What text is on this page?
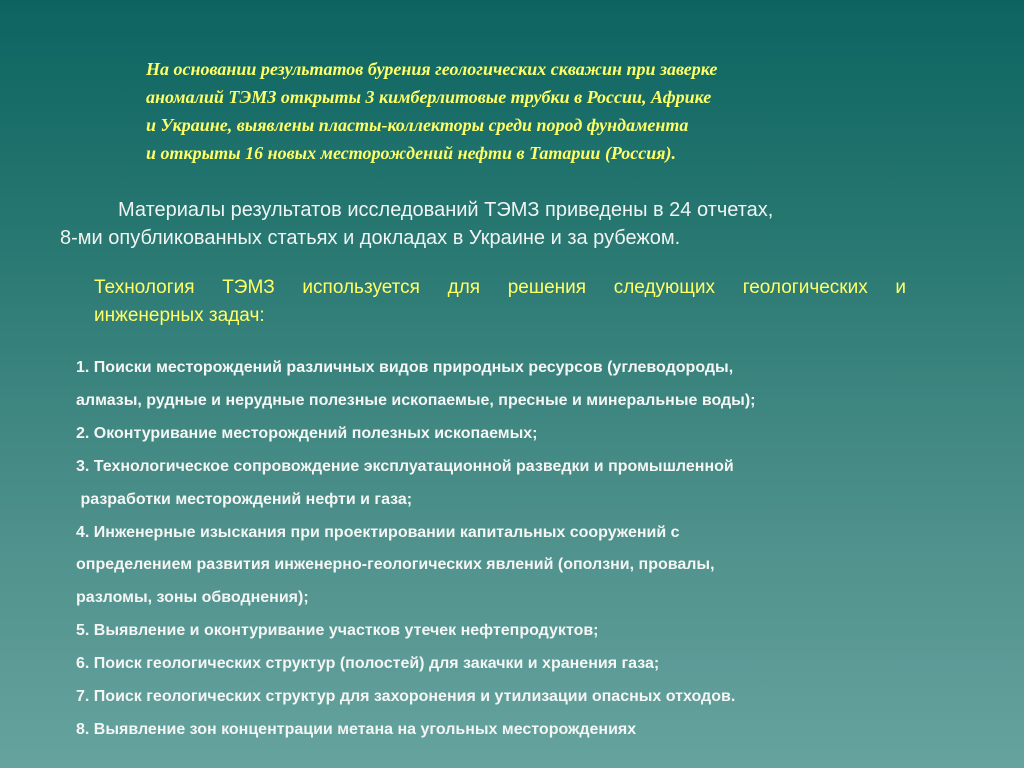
На основании результатов бурения геологических скважин при заверке
аномалий ТЭМЗ открыты 3 кимберлитовые трубки в России, Африке
и Украине, выявлены пласты-коллекторы среди пород фундамента
и открыты 16 новых месторождений нефти в Татарии (Россия).
Материалы результатов исследований ТЭМЗ приведены в 24 отчетах,
8-ми опубликованных статьях и докладах в Украине и за рубежом.
Технология ТЭМЗ используется для решения следующих геологических и
инженерных задач:
1. Поиски месторождений различных видов природных ресурсов (углеводороды,
алмазы, рудные и нерудные полезные ископаемые, пресные и минеральные воды);
2. Оконтуривание месторождений полезных ископаемых;
3. Технологическое сопровождение эксплуатационной разведки и промышленной
разработки месторождений нефти и газа;
4. Инженерные изыскания при проектировании капитальных сооружений с
определением развития инженерно-геологических явлений (оползни, провалы,
разломы, зоны обводнения);
5. Выявление и оконтуривание участков утечек нефтепродуктов;
6. Поиск геологических структур (полостей) для закачки и хранения газа;
7. Поиск геологических структур для захоронения и утилизации опасных отходов.
8. Выявление зон концентрации метана на угольных месторождениях
